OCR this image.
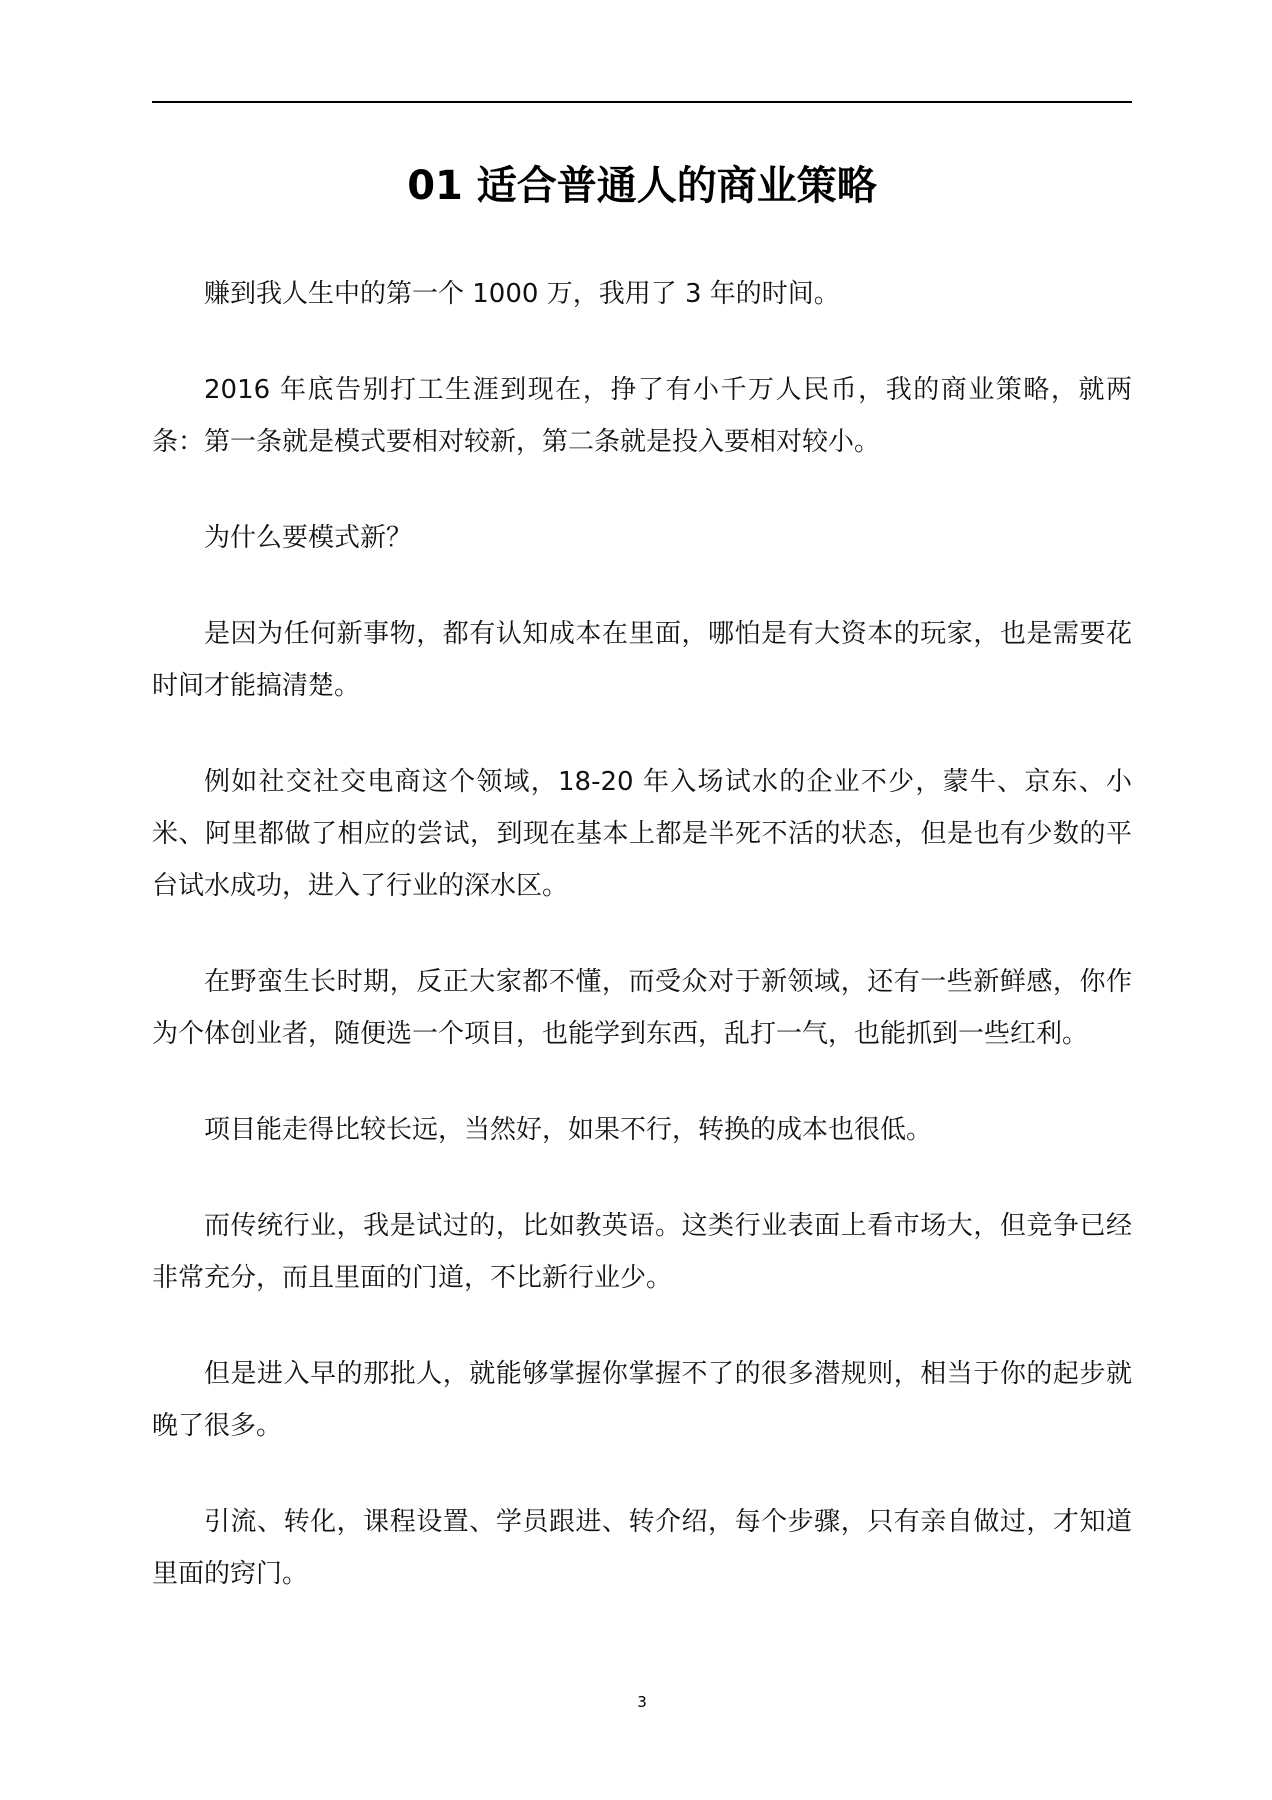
01 适合普通人的商业策略

赚到我人生中的第一个 1000 万，我用了 3 年的时间。

2016 年底告别打工生涯到现在，挣了有小千万人民币，我的商业策略，就两条：第一条就是模式要相对较新，第二条就是投入要相对较小。

为什么要模式新？

是因为任何新事物，都有认知成本在里面，哪怕是有大资本的玩家，也是需要花时间才能搞清楚。

例如社交社交电商这个领域，18-20 年入场试水的企业不少，蒙牛、京东、小米、阿里都做了相应的尝试，到现在基本上都是半死不活的状态，但是也有少数的平台试水成功，进入了行业的深水区。

在野蛮生长时期，反正大家都不懂，而受众对于新领域，还有一些新鲜感，你作为个体创业者，随便选一个项目，也能学到东西，乱打一气，也能抓到一些红利。

项目能走得比较长远，当然好，如果不行，转换的成本也很低。

而传统行业，我是试过的，比如教英语。这类行业表面上看市场大，但竞争已经非常充分，而且里面的门道，不比新行业少。

但是进入早的那批人，就能够掌握你掌握不了的很多潜规则，相当于你的起步就晚了很多。

引流、转化，课程设置、学员跟进、转介绍，每个步骤，只有亲自做过，才知道里面的窍门。

3
